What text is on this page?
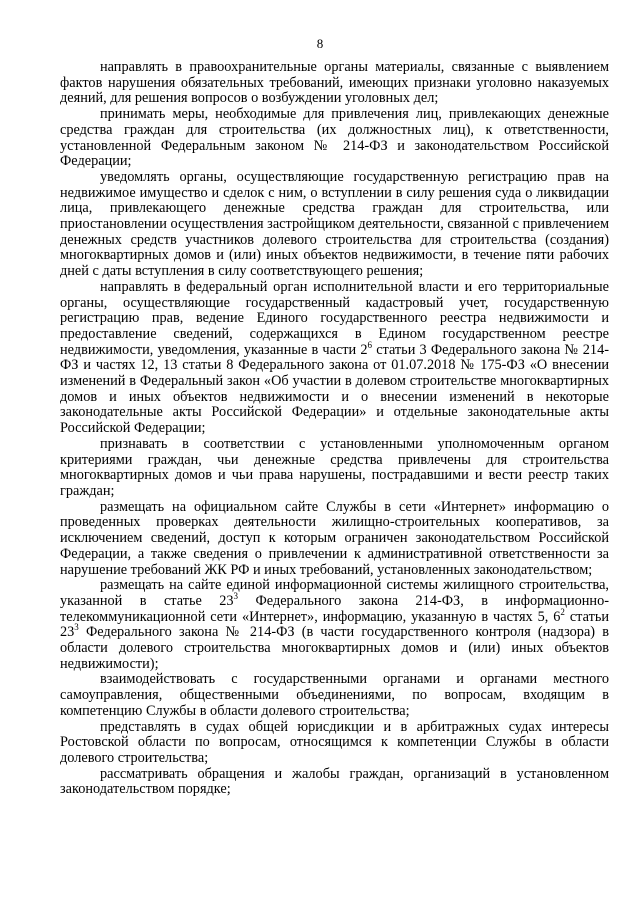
8

направлять в правоохранительные органы материалы, связанные с выявлением фактов нарушения обязательных требований, имеющих признаки уголовно наказуемых деяний, для решения вопросов о возбуждении уголовных дел;

принимать меры, необходимые для привлечения лиц, привлекающих денежные средства граждан для строительства (их должностных лиц), к ответственности, установленной Федеральным законом № 214-ФЗ и законодательством Российской Федерации;

уведомлять органы, осуществляющие государственную регистрацию прав на недвижимое имущество и сделок с ним, о вступлении в силу решения суда о ликвидации лица, привлекающего денежные средства граждан для строительства, или приостановлении осуществления застройщиком деятельности, связанной с привлечением денежных средств участников долевого строительства для строительства (создания) многоквартирных домов и (или) иных объектов недвижимости, в течение пяти рабочих дней с даты вступления в силу соответствующего решения;

направлять в федеральный орган исполнительной власти и его территориальные органы, осуществляющие государственный кадастровый учет, государственную регистрацию прав, ведение Единого государственного реестра недвижимости и предоставление сведений, содержащихся в Едином государственном реестре недвижимости, уведомления, указанные в части $2^6$ статьи 3 Федерального закона № 214-ФЗ и частях 12, 13 статьи 8 Федерального закона от 01.07.2018 № 175-ФЗ «О внесении изменений в Федеральный закон «Об участии в долевом строительстве многоквартирных домов и иных объектов недвижимости и о внесении изменений в некоторые законодательные акты Российской Федерации» и отдельные законодательные акты Российской Федерации;

признавать в соответствии с установленными уполномоченным органом критериями граждан, чьи денежные средства привлечены для строительства многоквартирных домов и чьи права нарушены, пострадавшими и вести реестр таких граждан;

размещать на официальном сайте Службы в сети «Интернет» информацию о проведенных проверках деятельности жилищно-строительных кооперативов, за исключением сведений, доступ к которым ограничен законодательством Российской Федерации, а также сведения о привлечении к административной ответственности за нарушение требований ЖК РФ и иных требований, установленных законодательством;

размещать на сайте единой информационной системы жилищного строительства, указанной в статье $23^3$ Федерального закона 214-ФЗ, в информационно-телекоммуникационной сети «Интернет», информацию, указанную в частях 5, $6^2$ статьи $23^3$ Федерального закона № 214-ФЗ (в части государственного контроля (надзора) в области долевого строительства многоквартирных домов и (или) иных объектов недвижимости);

взаимодействовать с государственными органами и органами местного самоуправления, общественными объединениями, по вопросам, входящим в компетенцию Службы в области долевого строительства;

представлять в судах общей юрисдикции и в арбитражных судах интересы Ростовской области по вопросам, относящимся к компетенции Службы в области долевого строительства;

рассматривать обращения и жалобы граждан, организаций в установленном законодательством порядке;
